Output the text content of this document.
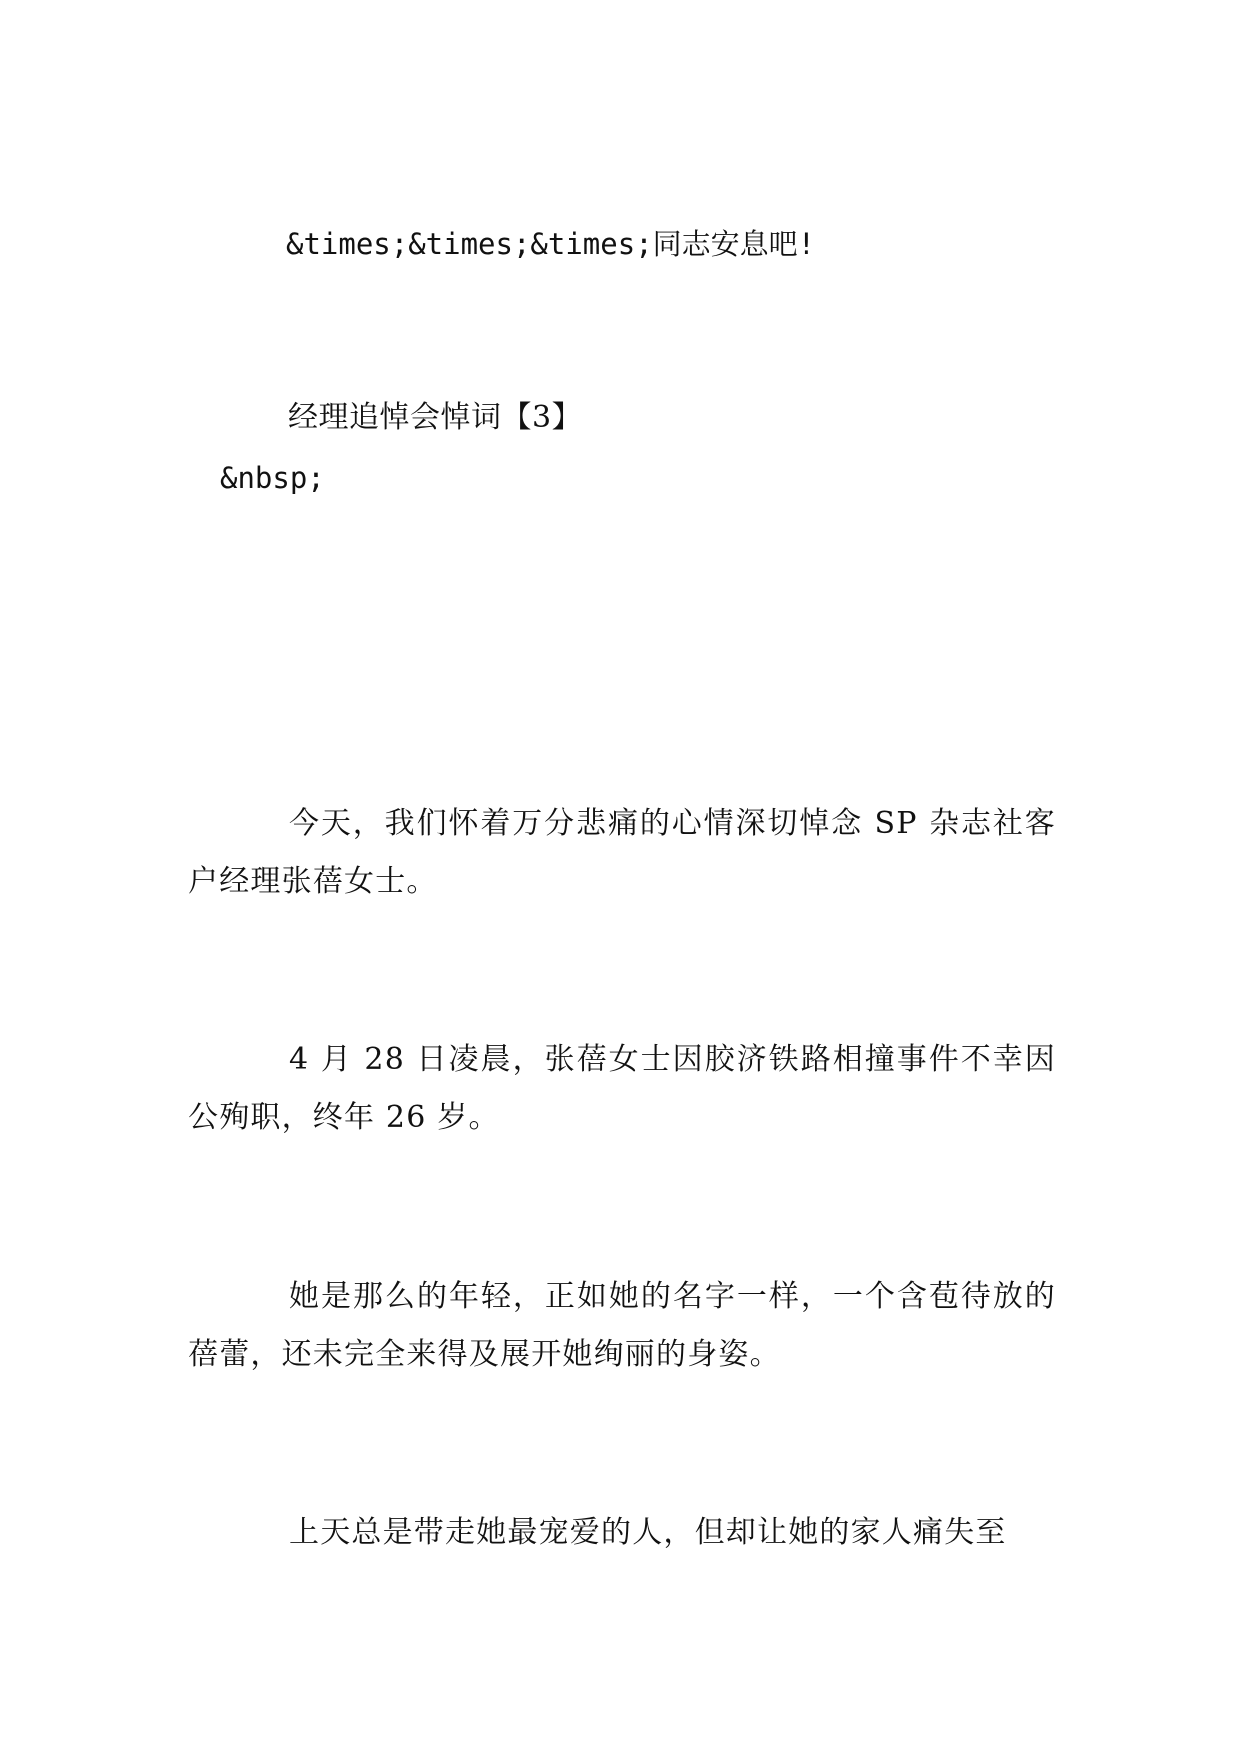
&times;&times;&times;同志安息吧!
经理追悼会悼词【3】
&nbsp;

今天，我们怀着万分悲痛的心情深切悼念 SP 杂志社客户经理张蓓女士。

4 月 28 日凌晨，张蓓女士因胶济铁路相撞事件不幸因公殉职，终年 26 岁。

她是那么的年轻，正如她的名字一样，一个含苞待放的蓓蕾，还未完全来得及展开她绚丽的身姿。

上天总是带走她最宠爱的人，但却让她的家人痛失至
